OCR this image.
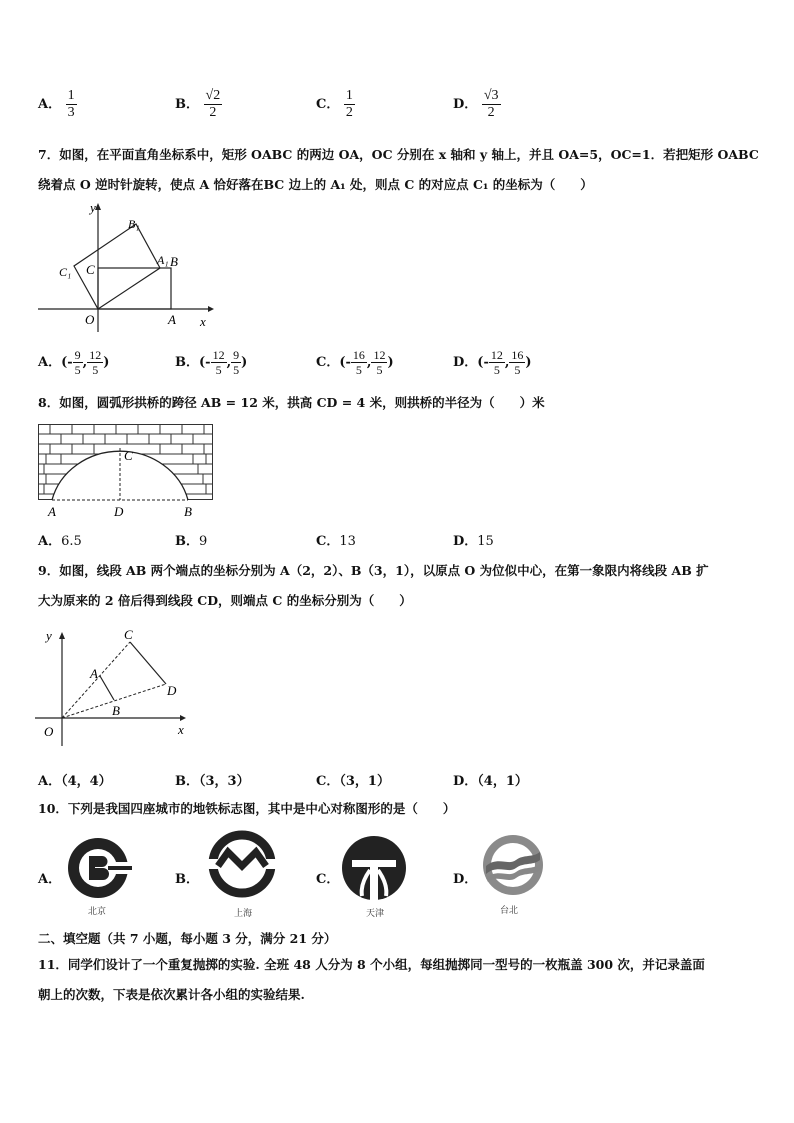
A． $\frac{1}{3}$	B． $\frac{√2}{2}$	C． $\frac{1}{2}$	D． $\frac{√3}{2}$
7．如图，在平面直角坐标系中，矩形 OABC 的两边 OA，OC 分别在 x 轴和 y 轴上，并且 OA=5，OC=1．若把矩形 OABC
绕着点 O 逆时针旋转，使点 A 恰好落在BC 边上的 A₁ 处，则点 C 的对应点 C₁ 的坐标为（　　）
y
x
O	A
B
C
A₁
B₁
C₁
A．(- $\frac{9}{5}$ , $\frac{12}{5}$ )	B．(- $\frac{12}{5}$ , $\frac{9}{5}$ )	C．(- $\frac{16}{5}$ , $\frac{12}{5}$ )	D．(- $\frac{12}{5}$ , $\frac{16}{5}$ )
8．如图，圆弧形拱桥的跨径 AB = 12 米，拱高 CD = 4 米，则拱桥的半径为（　　）米
A	B
C
D
A．6.5	B．9	C．13	D．15
9．如图，线段 AB 两个端点的坐标分别为 A（2，2）、B（3，1），以原点 O 为位似中心，在第一象限内将线段 AB 扩
大为原来的 2 倍后得到线段 CD，则端点 C 的坐标分别为（　　）
y
x
O
A
B
C
D
A．（4，4）	B．（3，3）	C．（3，1）	D．（4，1）
10．下列是我国四座城市的地铁标志图，其中是中心对称图形的是（　　）
A．
北京
B．
上海
C．
天津
D．
台北
二、填空题（共 7 小题，每小题 3 分，满分 21 分）
11．同学们设计了一个重复抛掷的实验. 全班 48 人分为 8 个小组，每组抛掷同一型号的一枚瓶盖 300 次，并记录盖面
朝上的次数，下表是依次累计各小组的实验结果.
